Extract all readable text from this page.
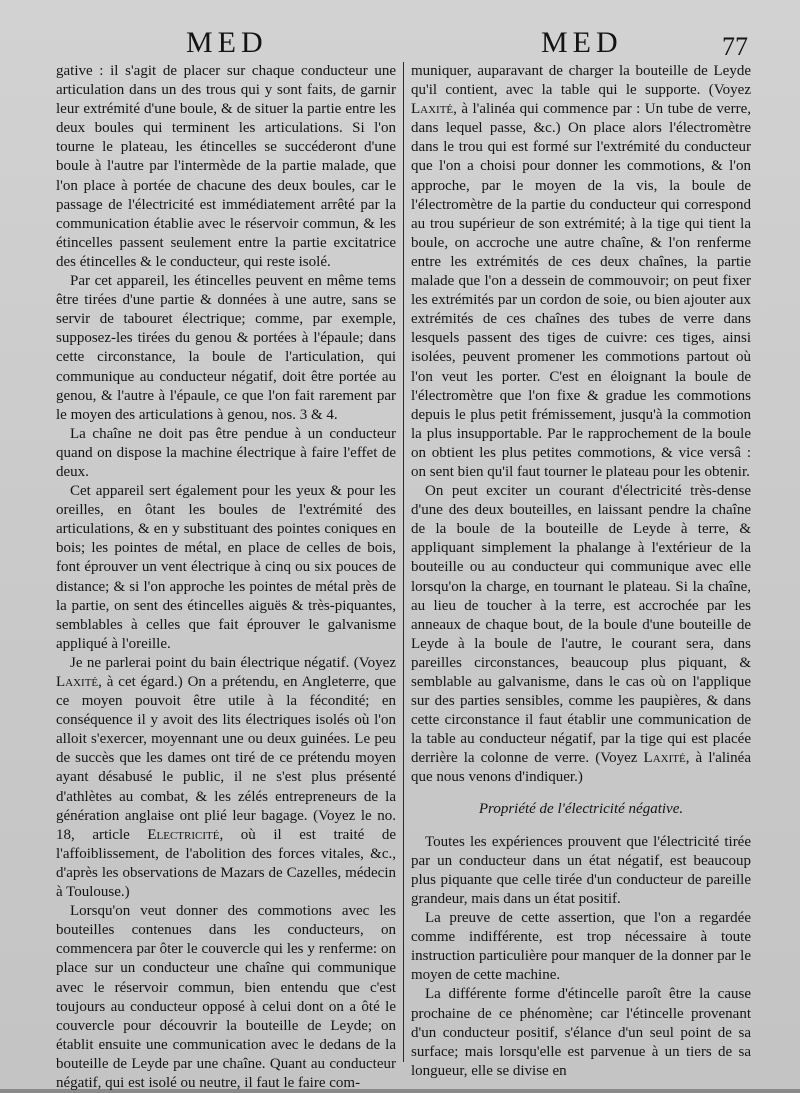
MED	MED	77

gative : il s'agit de placer sur chaque conducteur une articulation dans un des trous qui y sont faits, de garnir leur extrémité d'une boule, & de situer la partie entre les deux boules qui terminent les articulations. Si l'on tourne le plateau, les étincelles se succéderont d'une boule à l'autre par l'intermède de la partie malade, que l'on place à portée de chacune des deux boules, car le passage de l'électricité est immédiatement arrêté par la communication établie avec le réservoir commun, & les étincelles passent seulement entre la partie excitatrice des étincelles & le conducteur, qui reste isolé.

Par cet appareil, les étincelles peuvent en même tems être tirées d'une partie & données à une autre, sans se servir de tabouret électrique; comme, par exemple, supposez-les tirées du genou & portées à l'épaule; dans cette circonstance, la boule de l'articulation, qui communique au conducteur négatif, doit être portée au genou, & l'autre à l'épaule, ce que l'on fait rarement par le moyen des articulations à genou, nos. 3 & 4.

La chaîne ne doit pas être pendue à un conducteur quand on dispose la machine électrique à faire l'effet de deux.

Cet appareil sert également pour les yeux & pour les oreilles, en ôtant les boules de l'extrémité des articulations, & en y substituant des pointes coniques en bois; les pointes de métal, en place de celles de bois, font éprouver un vent électrique à cinq ou six pouces de distance; & si l'on approche les pointes de métal près de la partie, on sent des étincelles aiguës & très-piquantes, semblables à celles que fait éprouver le galvanisme appliqué à l'oreille.

Je ne parlerai point du bain électrique négatif. (Voyez Laxité, à cet égard.) On a prétendu, en Angleterre, que ce moyen pouvoit être utile à la fécondité; en conséquence il y avoit des lits électriques isolés où l'on alloit s'exercer, moyennant une ou deux guinées. Le peu de succès que les dames ont tiré de ce prétendu moyen ayant désabusé le public, il ne s'est plus présenté d'athlètes au combat, & les zélés entrepreneurs de la génération anglaise ont plié leur bagage. (Voyez le no. 18, article Electricité, où il est traité de l'affoiblissement, de l'abolition des forces vitales, &c., d'après les observations de Mazars de Cazelles, médecin à Toulouse.)

Lorsqu'on veut donner des commotions avec les bouteilles contenues dans les conducteurs, on commencera par ôter le couvercle qui les y renferme: on place sur un conducteur une chaîne qui communique avec le réservoir commun, bien entendu que c'est toujours au conducteur opposé à celui dont on a ôté le couvercle pour découvrir la bouteille de Leyde; on établit ensuite une communication avec le dedans de la bouteille de Leyde par une chaîne. Quant au conducteur négatif, qui est isolé ou neutre, il faut le faire com-

muniquer, auparavant de charger la bouteille de Leyde qu'il contient, avec la table qui le supporte. (Voyez Laxité, à l'alinéa qui commence par : Un tube de verre, dans lequel passe, &c.) On place alors l'électromètre dans le trou qui est formé sur l'extrémité du conducteur que l'on a choisi pour donner les commotions, & l'on approche, par le moyen de la vis, la boule de l'électromètre de la partie du conducteur qui correspond au trou supérieur de son extrémité; à la tige qui tient la boule, on accroche une autre chaîne, & l'on renferme entre les extrémités de ces deux chaînes, la partie malade que l'on a dessein de commouvoir; on peut fixer les extrémités par un cordon de soie, ou bien ajouter aux extrémités de ces chaînes des tubes de verre dans lesquels passent des tiges de cuivre: ces tiges, ainsi isolées, peuvent promener les commotions partout où l'on veut les porter. C'est en éloignant la boule de l'électromètre que l'on fixe & gradue les commotions depuis le plus petit frémissement, jusqu'à la commotion la plus insupportable. Par le rapprochement de la boule on obtient les plus petites commotions, & vice versâ : on sent bien qu'il faut tourner le plateau pour les obtenir.

On peut exciter un courant d'électricité très-dense d'une des deux bouteilles, en laissant pendre la chaîne de la boule de la bouteille de Leyde à terre, & appliquant simplement la phalange à l'extérieur de la bouteille ou au conducteur qui communique avec elle lorsqu'on la charge, en tournant le plateau. Si la chaîne, au lieu de toucher à la terre, est accrochée par les anneaux de chaque bout, de la boule d'une bouteille de Leyde à la boule de l'autre, le courant sera, dans pareilles circonstances, beaucoup plus piquant, & semblable au galvanisme, dans le cas où on l'applique sur des parties sensibles, comme les paupières, & dans cette circonstance il faut établir une communication de la table au conducteur négatif, par la tige qui est placée derrière la colonne de verre. (Voyez Laxité, à l'alinéa que nous venons d'indiquer.)

Propriété de l'électricité négative.

Toutes les expériences prouvent que l'électricité tirée par un conducteur dans un état négatif, est beaucoup plus piquante que celle tirée d'un conducteur de pareille grandeur, mais dans un état positif.

La preuve de cette assertion, que l'on a regardée comme indifférente, est trop nécessaire à toute instruction particulière pour manquer de la donner par le moyen de cette machine.

La différente forme d'étincelle paroît être la cause prochaine de ce phénomène; car l'étincelle provenant d'un conducteur positif, s'élance d'un seul point de sa surface; mais lorsqu'elle est parvenue à un tiers de sa longueur, elle se divise en
